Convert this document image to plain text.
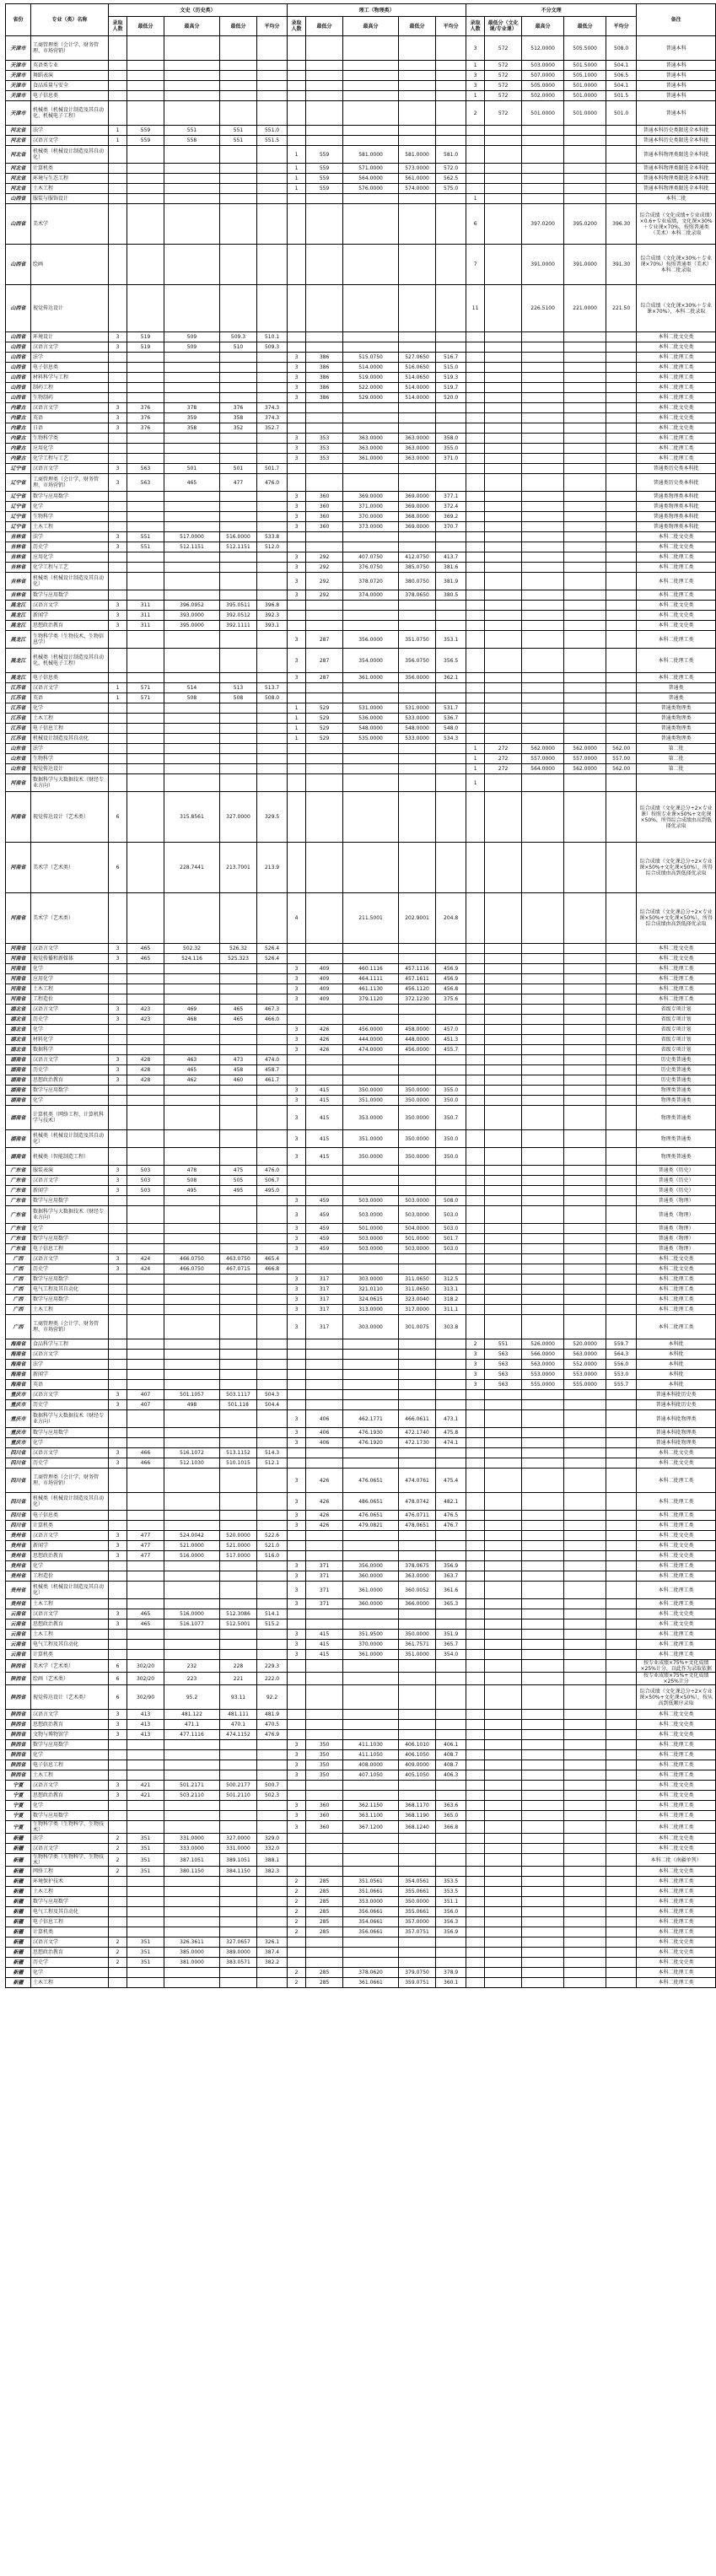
省份	专业（类）名称	文史（历史类）					理工（物理类）					不分文理					备注
		录取人数	最低分	最高分	最低分	平均分	录取人数	最低分	最高分	最低分	平均分	录取人数	最低分（文化课/专业课）	最高分	最低分	平均分	
天津市	工商管理类（会计学、财务管理、市场营销）											3	572	512.0000	505.5000	508.0	普通本科
天津市	英语类专业											1	572	503.0000	501.5000	504.1	普通本科
天津市	舞蹈表演											3	572	507.0000	505.1000	506.5	普通本科
天津市	食品质量与安全											3	572	505.0000	501.0000	504.1	普通本科
天津市	电子信息类											1	572	502.0000	501.0000	501.5	普通本科
天津市	机械类（机械设计制造及其自动化、机械电子工程）											2	572	501.0000	501.0000	501.0	普通本科
河北省	法学	1	559	551	551	551.0											普通本科历史类限选全本科批
河北省	汉语言文学	1	559	558	551	551.5											普通本科历史类限选全本科批
河北省	机械类（机械设计制造及其自动化）						1	559	581.0000	581.0000	581.0						普通本科物理类限选全本科批
河北省	计算机类						1	559	571.0000	573.0000	572.0						普通本科物理类限选全本科批
河北省	环境与生态工程						1	559	564.0000	561.0000	562.5						普通本科物理类限选全本科批
河北省	土木工程						1	559	576.0000	574.0000	575.0						普通本科物理类限选全本科批
山西省	服装与服饰设计											1					本科二批
山西省	美术学											6		397.0200	395.0200	396.30	综合成绩（文化成绩+专业成绩）×0.6+专业成绩，文化课×30%＋专业课×70%，按照普通类（美术）本科二批录取
山西省	绘画											7		391.0000	391.0000	391.30	综合成绩（文化课×30%＋专业课×70%）按照普通类（美术）本科二批录取
山西省	视觉传达设计											11		226.5100	221.0000	221.50	综合成绩（文化课×30%＋专业课×70%），本科二批录取
山西省	环境设计	3	519	509	509.3	510.1											本科二批文史类
山西省	汉语言文学	3	519	509	510	509.3											本科二批文史类
山西省	法学						3	386	515.0750	527.0650	516.7						本科二批理工类
山西省	电子信息类						3	386	514.0000	516.0650	515.0						本科二批理工类
山西省	材料科学与工程						3	386	519.0000	514.0650	519.3						本科二批理工类
山西省	制药工程						3	386	522.0000	514.0000	519.7						本科二批理工类
山西省	生物制药						3	386	529.0000	514.0000	520.0						本科二批理工类
内蒙古	汉语言文学	3	376	378	376	374.3											本科二批文史类
内蒙古	英语	3	376	359	358	374.3											本科二批文史类
内蒙古	日语	3	376	358	352	352.7											本科二批文史类
内蒙古	生物科学类						3	353	363.0000	363.0000	358.0						本科二批理工类
内蒙古	应用化学						3	353	363.0000	363.0000	355.0						本科二批理工类
内蒙古	化学工程与工艺						3	353	361.0000	363.0000	371.0						本科二批理工类
辽宁省	汉语言文学	3	563	501	501	501.7											普通类历史类本科批
辽宁省	工商管理类（会计学、财务管理、市场营销）	3	563	465	477	476.0											普通类历史类本科批
辽宁省	数学与应用数学						3	360	369.0000	369.0000	377.1						普通类物理类本科批
辽宁省	化学						3	360	371.0000	369.0000	372.4						普通类物理类本科批
辽宁省	生物科学						3	360	370.0000	368.0000	369.2						普通类物理类本科批
辽宁省	土木工程						3	360	373.0000	369.0000	370.7						普通类物理类本科批
吉林省	法学	3	551	517.0000	516.0000	533.8											本科二批文史类
吉林省	历史学	3	551	512.1151	512.1151	512.0											本科二批文史类
吉林省	应用化学						3	292	407.0750	412.0750	413.7						本科二批理工类
吉林省	化学工程与工艺						3	292	376.0750	385.0750	381.6						本科二批理工类
吉林省	机械类（机械设计制造及其自动化）						3	292	378.0720	380.0750	381.9						本科二批理工类
吉林省	数学与应用数学						3	292	374.0000	378.0650	380.5						本科二批理工类
黑龙江	汉语言文学	3	311	396.0952	395.0511	396.8											本科二批文史类
黑龙江	新闻学	3	311	393.0000	392.0512	392.3											本科二批文史类
黑龙江	思想政治教育	3	311	395.0000	392.1111	393.1											本科二批文史类
黑龙江	生物科学类（生物技术、生物信息学）						3	287	356.0000	351.0750	353.1						本科二批理工类
黑龙江	机械类（机械设计制造及其自动化、机械电子工程）						3	287	354.0000	356.0750	356.5						本科二批理工类
黑龙江	电子信息类						3	287	361.0000	356.0000	362.1						本科二批理工类
江苏省	汉语言文学	1	571	514	513	513.7											普通类
江苏省	英语	1	571	508	508	508.0											普通类
江苏省	化学						1	529	531.0000	531.0000	531.7						普通类物理类
江苏省	土木工程						1	529	536.0000	533.0000	536.7						普通类物理类
江苏省	电子信息工程						1	529	548.0000	548.0000	548.0						普通类物理类
江苏省	机械设计制造及其自动化						1	529	535.0000	533.0000	534.3						普通类物理类
山东省	法学											1	272	562.0000	562.0000	562.00	第二批
山东省	生物科学											1	272	557.0000	557.0000	557.00	第二批
山东省	视觉传达设计											1	272	564.0000	562.0000	562.00	第二批
河南省	数据科学与大数据技术（财经专业方向）											1					
河南省	视觉传达设计（艺术类）	6		315.8561	327.0000	329.5											综合成绩（文化课总分÷2×专业课）按照专业课×50%+文化课×50%，所得综合成绩由高到低择优录取
河南省	美术学（艺术类）	6		228.7441	213.7001	213.9											综合成绩（文化课总分÷2×专业课×50%+文化课×50%），所得综合成绩由高到低择优录取
河南省	美术学（艺术类）						4		211.5001	202.9001	204.8						综合成绩（文化课总分÷2×专业课×50%+文化课×50%），所得综合成绩由高到低择优录取
河南省	汉语言文学	3	465	502.32	526.32	526.4											本科二批文史类
河南省	视觉传播和新媒体	3	465	524.116	525.323	526.4											本科二批文史类
河南省	化学						3	409	460.1116	457.1116	456.9						本科二批理工类
河南省	应用化学						3	409	464.1111	457.1611	456.9						本科二批理工类
河南省	土木工程						3	409	461.1130	456.1120	456.8						本科二批理工类
河南省	工程造价						3	409	379.1120	372.1230	375.6						本科二批理工类
湖北省	汉语言文学	3	423	469	465	467.3											省级专项计划
湖北省	历史学	3	423	468	465	466.0											省级专项计划
湖北省	化学						3	426	456.0000	458.0000	457.0						省级专项计划
湖北省	材料化学						3	426	444.0000	448.0000	451.3						省级专项计划
湖北省	数据科学						3	426	474.0000	456.0000	455.7						省级专项计划
湖南省	汉语言文学	3	428	463	473	474.0											历史类普通类
湖南省	历史学	3	428	465	458	458.7											历史类普通类
湖南省	思想政治教育	3	428	462	460	461.7											历史类普通类
湖南省	数学与应用数学						3	415	350.0000	350.0000	355.0						物理类普通类
湖南省	化学						3	415	351.0000	350.0000	350.0						物理类普通类
湖南省	计算机类（网络工程、计算机科学与技术）						3	415	353.0000	350.0000	350.7						物理类普通类
湖南省	机械类（机械设计制造及其自动化）						3	415	351.0000	350.0000	350.0						物理类普通类
湖南省	机械类（智能制造工程）						3	415	350.0000	350.0000	350.0						物理类普通类
广东省	服装表演	3	503	478	475	476.0											普通类（历史）
广东省	汉语言文学	3	503	508	505	506.7											普通类（历史）
广东省	新闻学	3	503	495	495	495.0											普通类（历史）
广东省	数学与应用数学						3	459	503.0000	503.0000	508.0						普通类（物理）
广东省	数据科学与大数据技术（财经专业方向）						3	459	503.0000	503.0000	503.0						普通类（物理）
广东省	化学						3	459	501.0000	504.0000	503.0						普通类（物理）
广东省	数学与应用数学						3	459	503.0000	501.0000	501.7						普通类（物理）
广东省	电子信息工程						3	459	503.0000	503.0000	503.0						普通类（物理）
广西	汉语言文学	3	424	466.0750	463.0750	465.4											本科二批文史类
广西	历史学	3	424	466.0750	467.0715	466.8											本科二批文史类
广西	数学与应用数学						3	317	303.0000	311.0650	312.5						本科二批理工类
广西	电气工程及其自动化						3	317	321.0110	311.0650	313.1						本科二批理工类
广西	数学与应用数学						3	317	324.0615	323.0040	318.2						本科二批理工类
广西	土木工程						3	317	313.0000	317.0000	311.1						本科二批理工类
广西	工商管理类（会计学、财务管理、市场营销）						3	317	303.0000	301.0075	303.8						本科二批理工类
海南省	食品科学与工程											2	551	526.0000	520.0000	559.7	本科批
海南省	汉语言文学											3	563	566.0000	563.0000	564.3	本科批
海南省	法学											3	563	563.0000	552.0000	556.0	本科批
海南省	新闻学											3	563	553.0000	553.0000	553.0	本科批
海南省	英语											3	563	555.0000	555.0000	555.7	本科批
重庆市	汉语言文学	3	407	501.1057	503.1117	504.3											普通本科批历史类
重庆市	历史学	3	407	498	501.118	504.4											普通本科批历史类
重庆市	数据科学与大数据技术（财经专业方向）						3	406	462.1771	466.0611	473.1						普通本科批物理类
重庆市	数学与应用数学						3	406	476.1930	472.1740	475.8						普通本科批物理类
重庆市	化学						3	406	476.1920	472.1730	474.1						普通本科批物理类
四川省	汉语言文学	3	466	516.1072	513.1152	514.3											本科二批文史类
四川省	历史学	3	466	512.1030	510.1015	512.1											本科二批文史类
四川省	工商管理类（会计学、财务管理、市场营销）						3	426	476.0651	474.0761	475.4						本科二批理工类
四川省	机械类（机械设计制造及其自动化）						3	426	486.0651	478.0742	482.1						本科二批理工类
四川省	电子信息类						3	426	476.0651	476.0711	476.5						本科二批理工类
四川省	计算机类						3	426	479.0821	478.0651	476.7						本科二批理工类
贵州省	汉语言文学	3	477	524.0042	520.0000	522.6											本科二批文史类
贵州省	新闻学	3	477	521.0000	521.0000	521.0											本科二批文史类
贵州省	思想政治教育	3	477	516.0000	517.0000	516.0											本科二批文史类
贵州省	化学						3	371	356.0000	378.0675	356.9						本科二批理工类
贵州省	工程造价						3	371	360.0000	363.0000	363.7						本科二批理工类
贵州省	机械类（机械设计制造及其自动化）						3	371	361.0000	360.0052	361.6						本科二批理工类
贵州省	土木工程						3	371	360.0000	366.0000	365.3						本科二批理工类
云南省	汉语言文学	3	465	516.0000	512.3086	514.1											本科二批文史类
云南省	思想政治教育	3	465	516.1077	512.5001	515.2											本科二批文史类
云南省	土木工程						3	415	351.9500	350.0000	351.9						本科二批理工类
云南省	电气工程及其自动化						3	415	370.0000	361.7571	365.7						本科二批理工类
云南省	计算机类						3	415	361.0000	351.0000	354.0						本科二批理工类
陕西省	美术学（艺术类）	6	302/20	232	228	229.3											按专业成绩×75%+文化成绩×25%计分，以此作为录取依据
陕西省	绘画（艺术类）	6	302/20	223	221	222.0											按专业成绩×75%+文化成绩×25%计分
陕西省	视觉传达设计（艺术类）	6	302/90	95.2	93.11	92.2											综合成绩（文化课总分÷2×专业课×50%+文化课×50%），按从高到低顺序录取
陕西省	汉语言文学	3	413	481.122	481.111	481.9											本科二批文史类
陕西省	思想政治教育	3	413	471.1	470.1	470.5											本科二批文史类
陕西省	文物与博物馆学	3	413	477.1116	474.1152	476.9											本科二批文史类
陕西省	数学与应用数学						3	350	411.1030	406.1010	406.1						本科二批理工类
陕西省	化学						3	350	411.1050	406.1050	408.7						本科二批理工类
陕西省	电子信息工程						3	350	408.0000	409.0000	408.7						本科二批理工类
陕西省	土木工程						3	350	407.1050	405.1050	406.3						本科二批理工类
宁夏	汉语言文学	3	421	501.2171	500.2177	500.7											本科二批文史类
宁夏	思想政治教育	3	421	503.2110	501.2110	502.3											本科二批文史类
宁夏	化学						3	360	362.1150	368.1170	363.6						本科二批理工类
宁夏	数学与应用数学						3	360	363.1100	368.1190	365.0						本科二批理工类
宁夏	生物科学类（生物科学、生物技术）						3	360	367.1200	368.1240	366.8						本科二批理工类
新疆	法学	2	351	331.0000	327.0000	329.0											本科二批文史类
新疆	汉语言文学	2	351	333.0000	331.0000	332.0											本科二批文史类
新疆	生物科学类（生物科学、生物技术）	2	351	387.1051	389.1051	388.1											本科二批（南疆单列）
新疆	网络工程	2	351	380.1150	384.1150	382.3											本科二批文史类
新疆	环境保护技术						2	285	351.0561	354.0561	353.5						本科二批理工类
新疆	土木工程						2	285	351.0661	355.0661	353.5						本科二批理工类
新疆	数学与应用数学						2	285	353.0000	350.0000	351.1						本科二批理工类
新疆	电气工程及其自动化						2	285	356.0661	355.0661	356.0						本科二批理工类
新疆	电子信息工程						2	285	354.0661	357.0000	356.3						本科二批理工类
新疆	计算机类						2	285	356.0661	357.0751	356.9						本科二批理工类
新疆	汉语言文学	2	351	326.3611	327.0657	326.1											本科二批文史类
新疆	思想政治教育	2	351	385.0000	389.0000	387.4											本科二批文史类
新疆	历史学	2	351	381.0000	383.0571	382.2											本科二批文史类
新疆	化学						2	285	378.0620	379.0750	378.9						本科二批理工类
新疆	土木工程						2	285	361.0661	359.0751	360.1						本科二批理工类
